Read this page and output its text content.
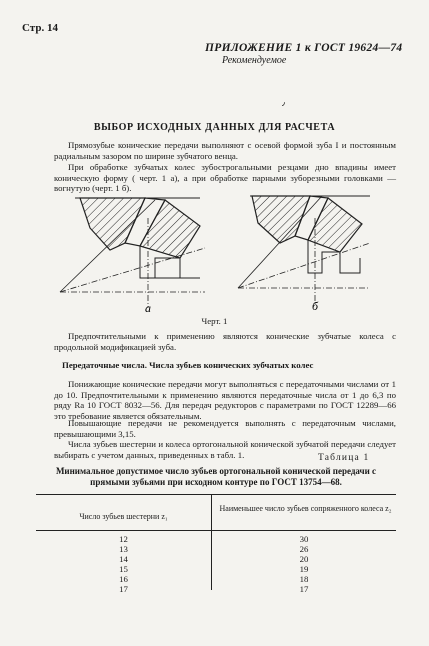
Стр. 14
ПРИЛОЖЕНИЕ 1 к ГОСТ 19624—74
Рекомендуемое
٫
ВЫБОР ИСХОДНЫХ ДАННЫХ ДЛЯ РАСЧЕТА
Прямозубые конические передачи выполняют с осевой формой зуба I и постоянным радиальным зазором по ширине зубчатого венца.
При обработке зубчатых колес зубострогальными резцами дно впадины имеет коническую форму ( черт. 1 а), а при обработке парными зуборезными головками — вогнутую (черт. 1 б).
а	б
Черт. 1
Предпочтительными к применению являются конические зубчатые колеса с продольной модификацией зуба.
Передаточные числа. Числа зубьев конических зубчатых колес
Понижающие конические передачи могут выполняться с передаточными числами от 1 до 10. Предпочтительными к применению являются передаточные числа от 1 до 6,3 по ряду Ra 10 ГОСТ 8032—56. Для передач редукторов с параметрами по ГОСТ 12289—66 это требование является обязательным.
Повышающие передачи не рекомендуется выполнять с передаточным числами, превышающими 3,15.
Числа зубьев шестерни и колеса ортогональной конической зубчатой передачи следует выбирать с учетом данных, приведенных в табл. 1.	Таблица 1
Минимальное допустимое число зубьев ортогональной конической передачи с прямыми зубьями при исходном контуре по ГОСТ 13754—68.
Число зубьев шестерни z₁
Наименьшее число зубьев сопряженного колеса z₂
12
13
14
15
16
17
30
26
20
19
18
17
